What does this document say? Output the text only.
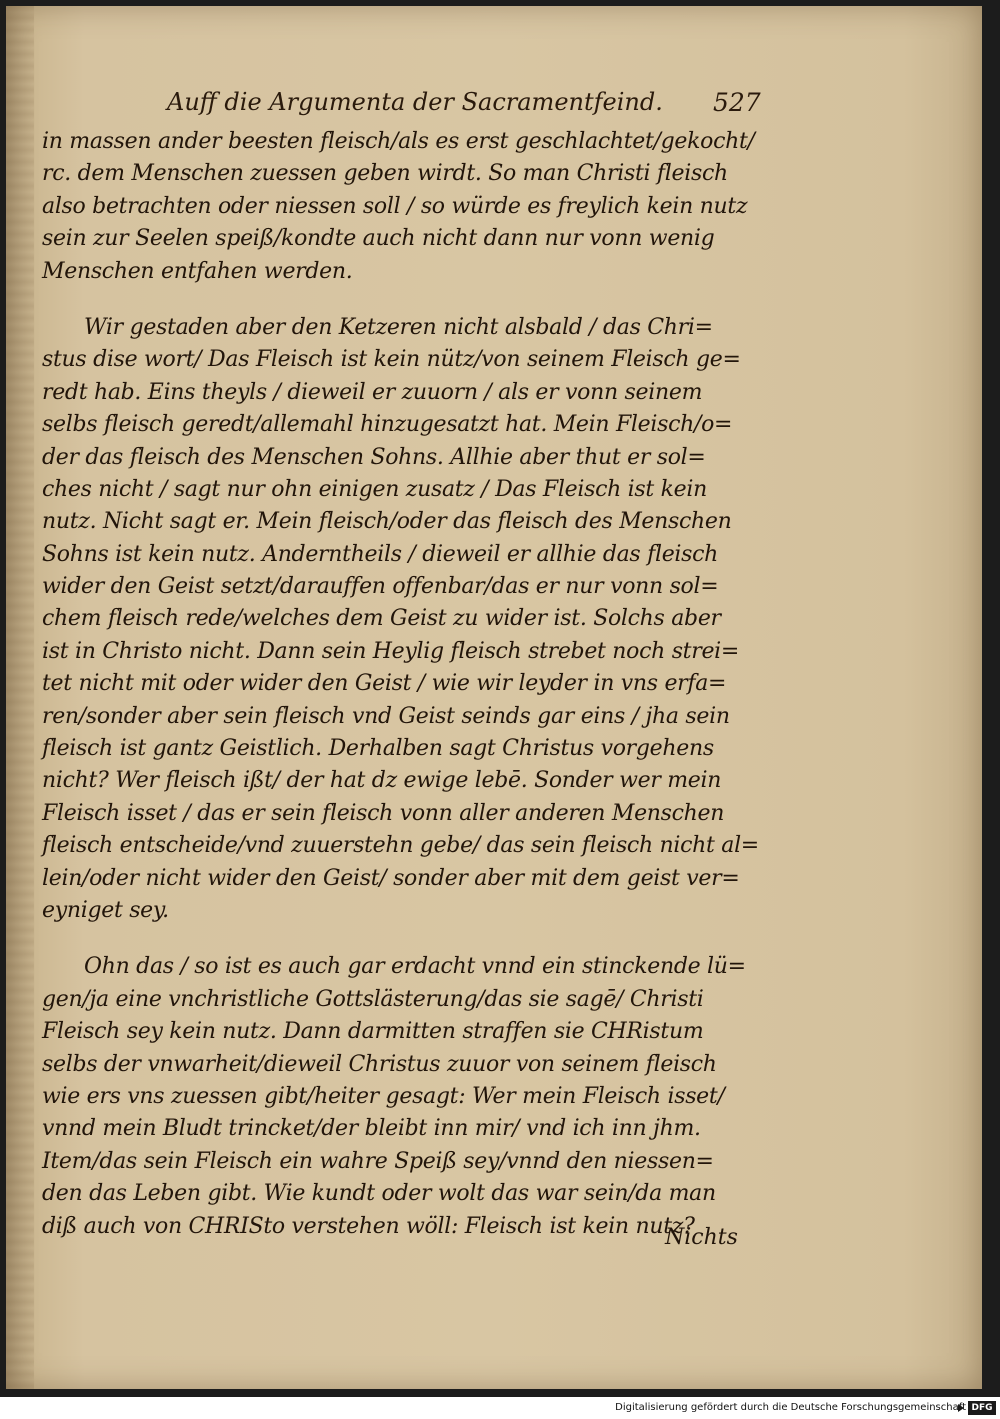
Auff die Argumenta der Sacramentfeind.	527
in massen ander beesten fleisch/als es erst geschlachtet/gekocht/
rc. dem Menschen zuessen geben wirdt. So man Christi fleisch
also betrachten oder niessen soll / so würde es freylich kein nutz
sein zur Seelen speiß/kondte auch nicht dann nur vonn wenig
Menschen entfahen werden.
Wir gestaden aber den Ketzeren nicht alsbald / das Chri=
stus dise wort/ Das Fleisch ist kein nütz/von seinem Fleisch ge=
redt hab. Eins theyls / dieweil er zuuorn / als er vonn seinem
selbs fleisch geredt/allemahl hinzugesatzt hat. Mein Fleisch/o=
der das fleisch des Menschen Sohns. Allhie aber thut er sol=
ches nicht / sagt nur ohn einigen zusatz / Das Fleisch ist kein
nutz. Nicht sagt er. Mein fleisch/oder das fleisch des Menschen
Sohns ist kein nutz. Anderntheils / dieweil er allhie das fleisch
wider den Geist setzt/darauffen offenbar/das er nur vonn sol=
chem fleisch rede/welches dem Geist zu wider ist. Solchs aber
ist in Christo nicht. Dann sein Heylig fleisch strebet noch strei=
tet nicht mit oder wider den Geist / wie wir leyder in vns erfa=
ren/sonder aber sein fleisch vnd Geist seinds gar eins / jha sein
fleisch ist gantz Geistlich. Derhalben sagt Christus vorgehens
nicht? Wer fleisch ißt/ der hat dz ewige lebē. Sonder wer mein
Fleisch isset / das er sein fleisch vonn aller anderen Menschen
fleisch entscheide/vnd zuuerstehn gebe/ das sein fleisch nicht al=
lein/oder nicht wider den Geist/ sonder aber mit dem geist ver=
eyniget sey.
Ohn das / so ist es auch gar erdacht vnnd ein stinckende lü=
gen/ja eine vnchristliche Gottslästerung/das sie sagē/ Christi
Fleisch sey kein nutz. Dann darmitten straffen sie CHRistum
selbs der vnwarheit/dieweil Christus zuuor von seinem fleisch
wie ers vns zuessen gibt/heiter gesagt: Wer mein Fleisch isset/
vnnd mein Bludt trincket/der bleibt inn mir/ vnd ich inn jhm.
Item/das sein Fleisch ein wahre Speiß sey/vnnd den niessen=
den das Leben gibt. Wie kundt oder wolt das war sein/da man
diß auch von CHRISto verstehen wöll: Fleisch ist kein nutz?
Nichts
Digitalisierung gefördert durch die Deutsche Forschungsgemeinschaft DFG
